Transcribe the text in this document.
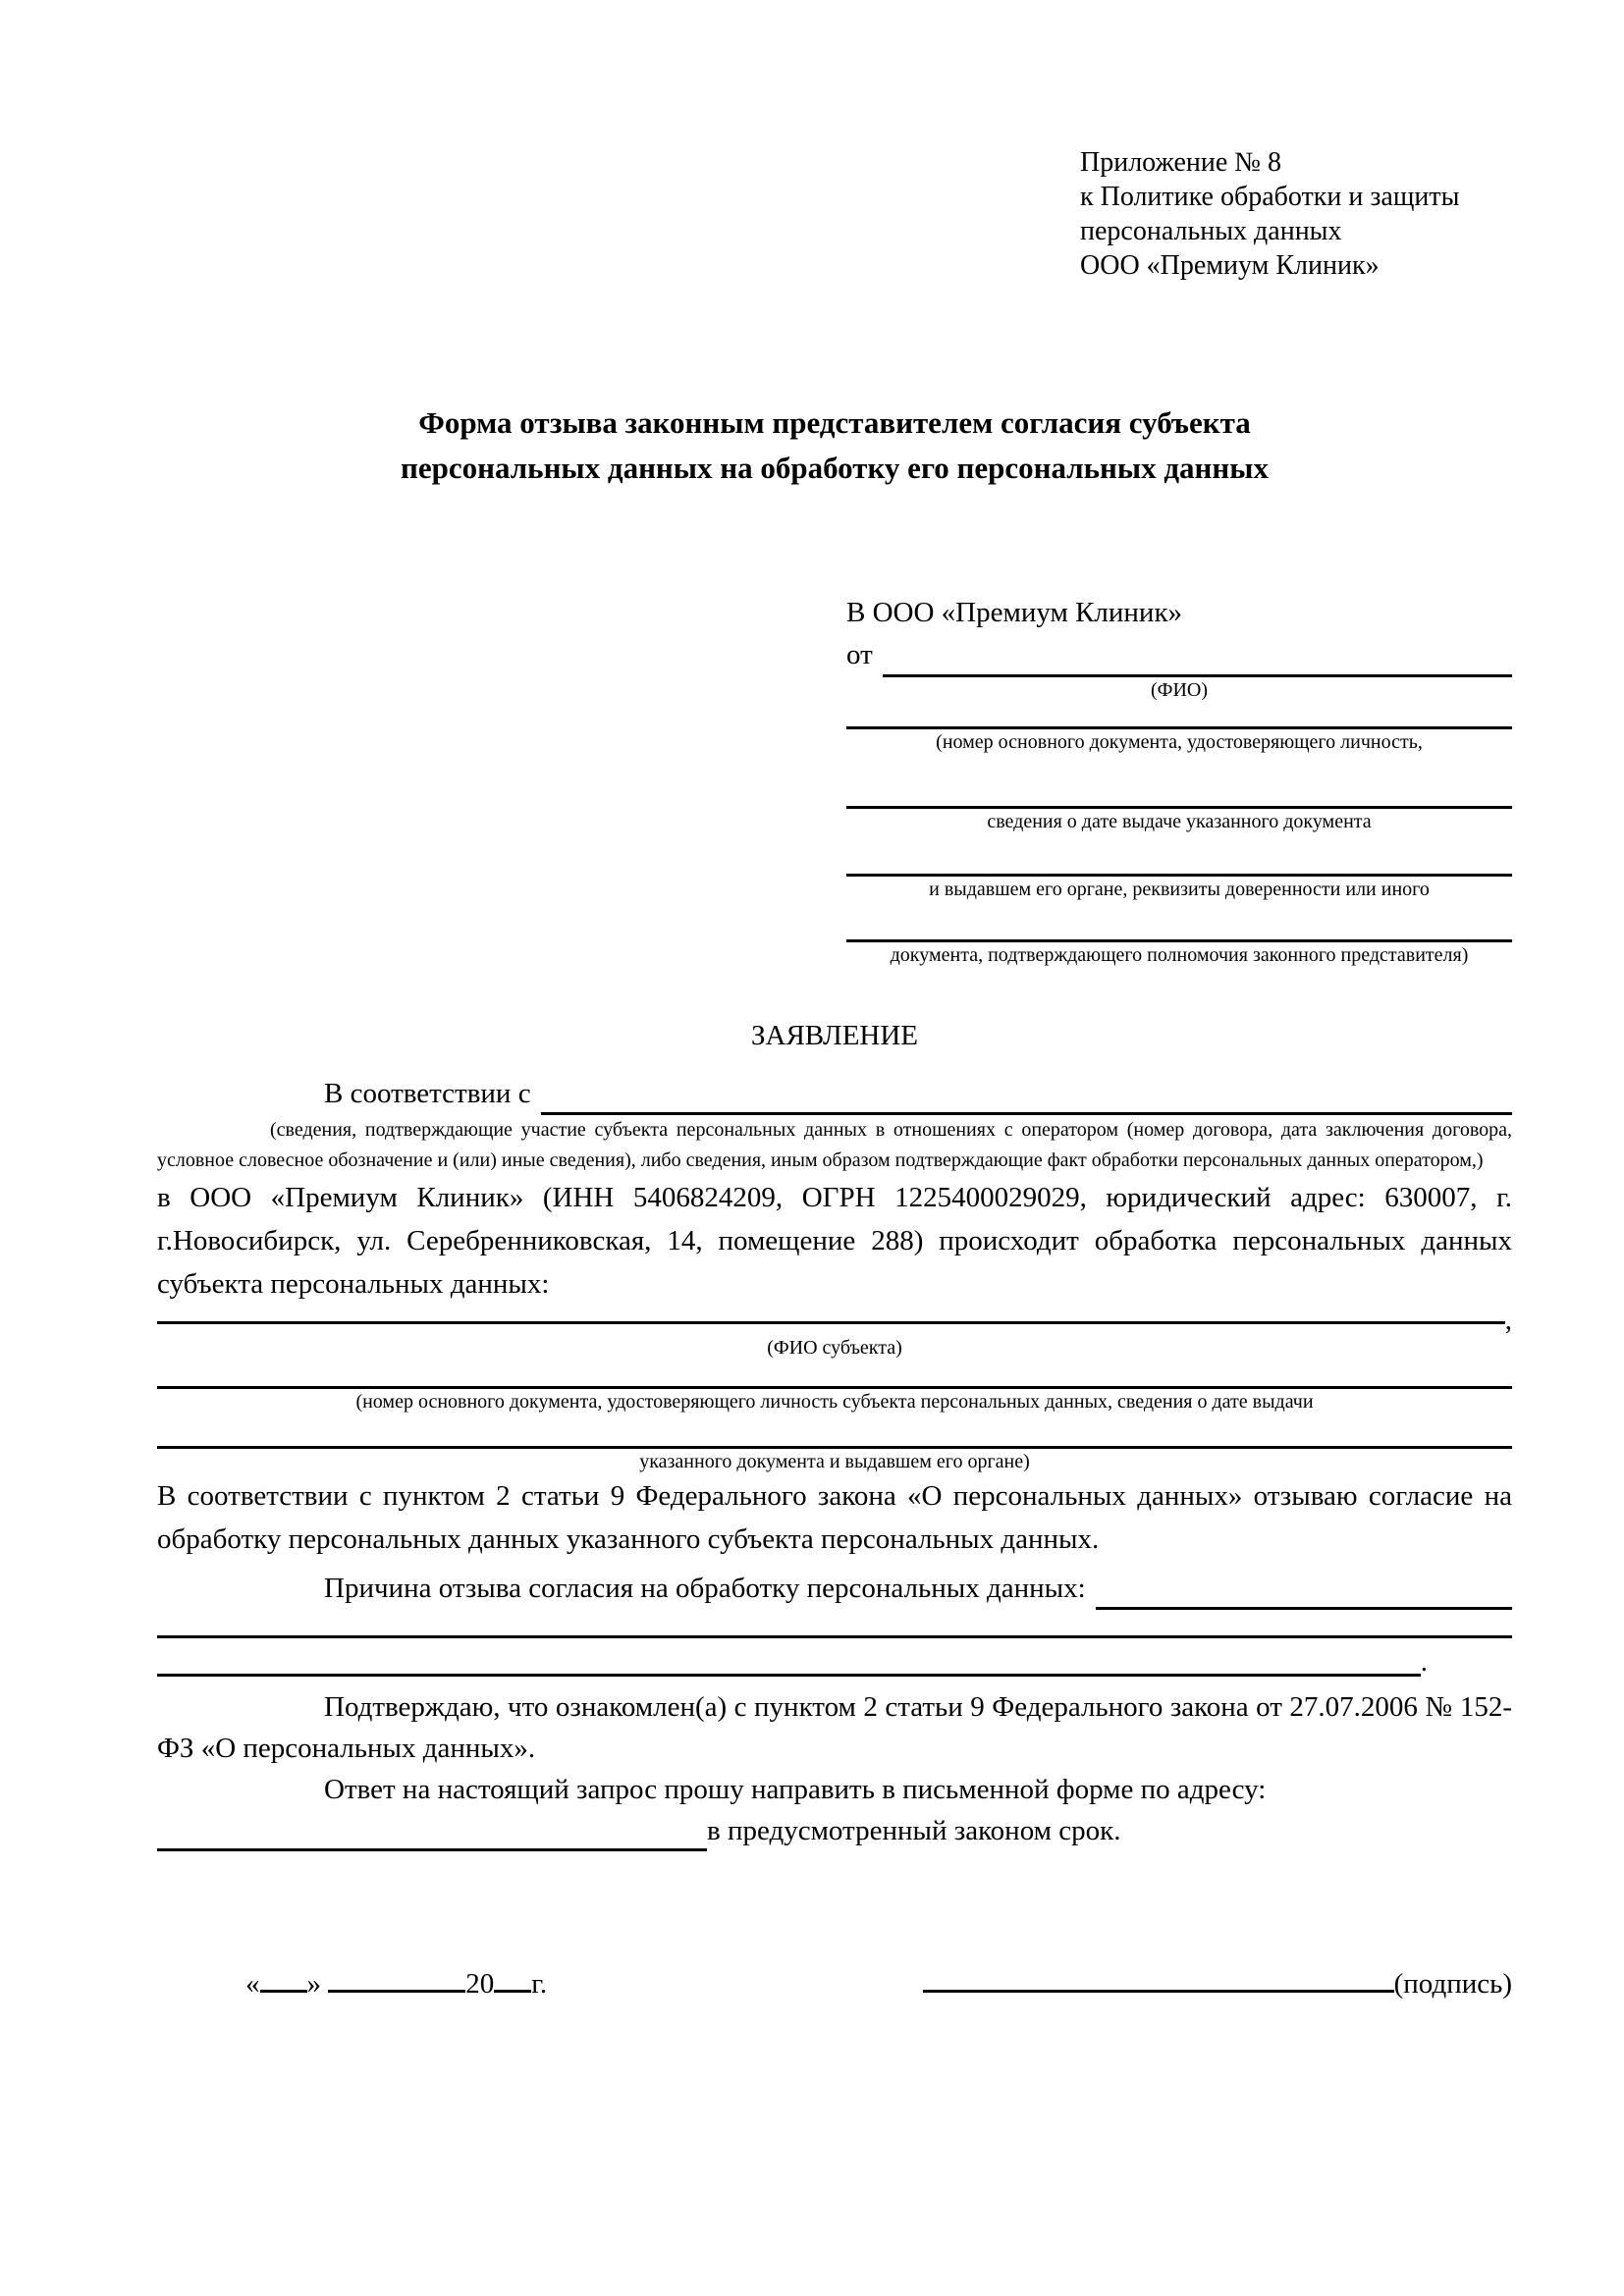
Приложение № 8
к Политике обработки и защиты
персональных данных
ООО «Премиум Клиник»
Форма отзыва законным представителем согласия субъекта
персональных данных на обработку его персональных данных
В ООО «Премиум Клиник»
от
(ФИО)
(номер основного документа, удостоверяющего личность,
сведения о дате выдаче указанного документа
и выдавшем его органе, реквизиты доверенности или иного
документа, подтверждающего полномочия законного представителя)
ЗАЯВЛЕНИЕ
В соответствии с
(сведения, подтверждающие участие субъекта персональных данных в отношениях с оператором (номер договора, дата заключения договора, условное словесное обозначение и (или) иные сведения), либо сведения, иным образом подтверждающие факт обработки персональных данных оператором,)
в ООО «Премиум Клиник» (ИНН 5406824209, ОГРН 1225400029029, юридический адрес: 630007, г. г.Новосибирск, ул. Серебренниковская, 14, помещение 288) происходит обработка персональных данных субъекта персональных данных:
,
(ФИО субъекта)
(номер основного документа, удостоверяющего личность субъекта персональных данных, сведения о дате выдачи
указанного документа и выдавшем его органе)
В соответствии с пунктом 2 статьи 9 Федерального закона «О персональных данных» отзываю согласие на обработку персональных данных указанного субъекта персональных данных.
Причина отзыва согласия на обработку персональных данных:
.
Подтверждаю, что ознакомлен(а) с пунктом 2 статьи 9 Федерального закона от 27.07.2006 № 152-ФЗ «О персональных данных».
Ответ на настоящий запрос прошу направить в письменной форме по адресу:
в предусмотренный законом срок.
« »	20 г.	(подпись)
